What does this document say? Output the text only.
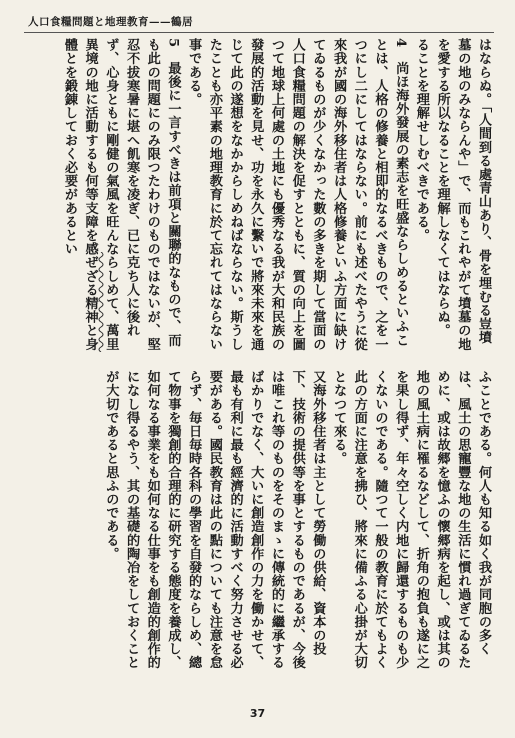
人口食糧問題と地理教育——鶴居

はならぬ。「人間到る處青山あり、骨を埋むる豈墳墓の地のみならんや」で、而もこれやがて墳墓の地を愛する所以なることを理解しなくてはならぬ。

ることを理解せしむべきである。

4　尚ほ海外發展の素志を旺盛ならしめるといふことは、人格の修養と相即的なるべきもので、之を一つにし二にしてはならない。前にも述べたやうに從來我が國の海外移住者は人格修養といふ方面に缺けてゐるものが少くなかった數の多きを期して當面の人口食糧問題の解決を促すとともに、質の向上を圖つて地球上何處の土地にも優秀なる我が大和民族の發展的活動を見せ、功を永久に繫いで將來未來を通じて此の遂想をなかからしめねばならない。斯うしたことも亦平素の地理教育に於て忘れてはならない事である。

5　最後に一言すべきは前項と關聯的なもので、而も此の問題にのみ限つたわけのものではないが、堅忍不拔寒暑に堪へ飢寒を凌ぎ、已に克ち人に後れず、心身ともに剛健の氣風を旺んならしめて、萬里異境の地に活動するも何等支障を感ぜざる精神と身體とを鍛錬しておく必要があるとい

ふことである。何人も知る如く我が同胞の多くは、風土の思寵豐な地の生活に慣れ過ぎてゐるために、或は故郷を憶ふの懷郷病を起し、或は其の地の風土病に罹るなどして、折角の抱負も遂に之を果し得ず、年々空しく内地に歸還するものも少くないのである。隨つて一般の教育に於てもよく此の方面に注意を拂ひ、將來に備ふる心掛が大切となつて來る。

又海外移住者は主として勞働の供給、資本の投下、技術の提供等を事とするものであるが、今後は唯これ等のものをそのまゝに傳統的に繼承するばかりでなく、大いに創造創作の力を働かせて、最も有利に最も經濟的に活動すべく努力させる必要がある。國民教育は此の點についても注意を怠らず、毎日毎時各科の學習を自發的ならしめ、總て物事を獨創的合理的に研究する態度を養成し、如何なる事業をも如何なる仕事をも創造的創作的になし得るやう、其の基礎的陶冶をしておくことが大切であると思ふのである。

37
